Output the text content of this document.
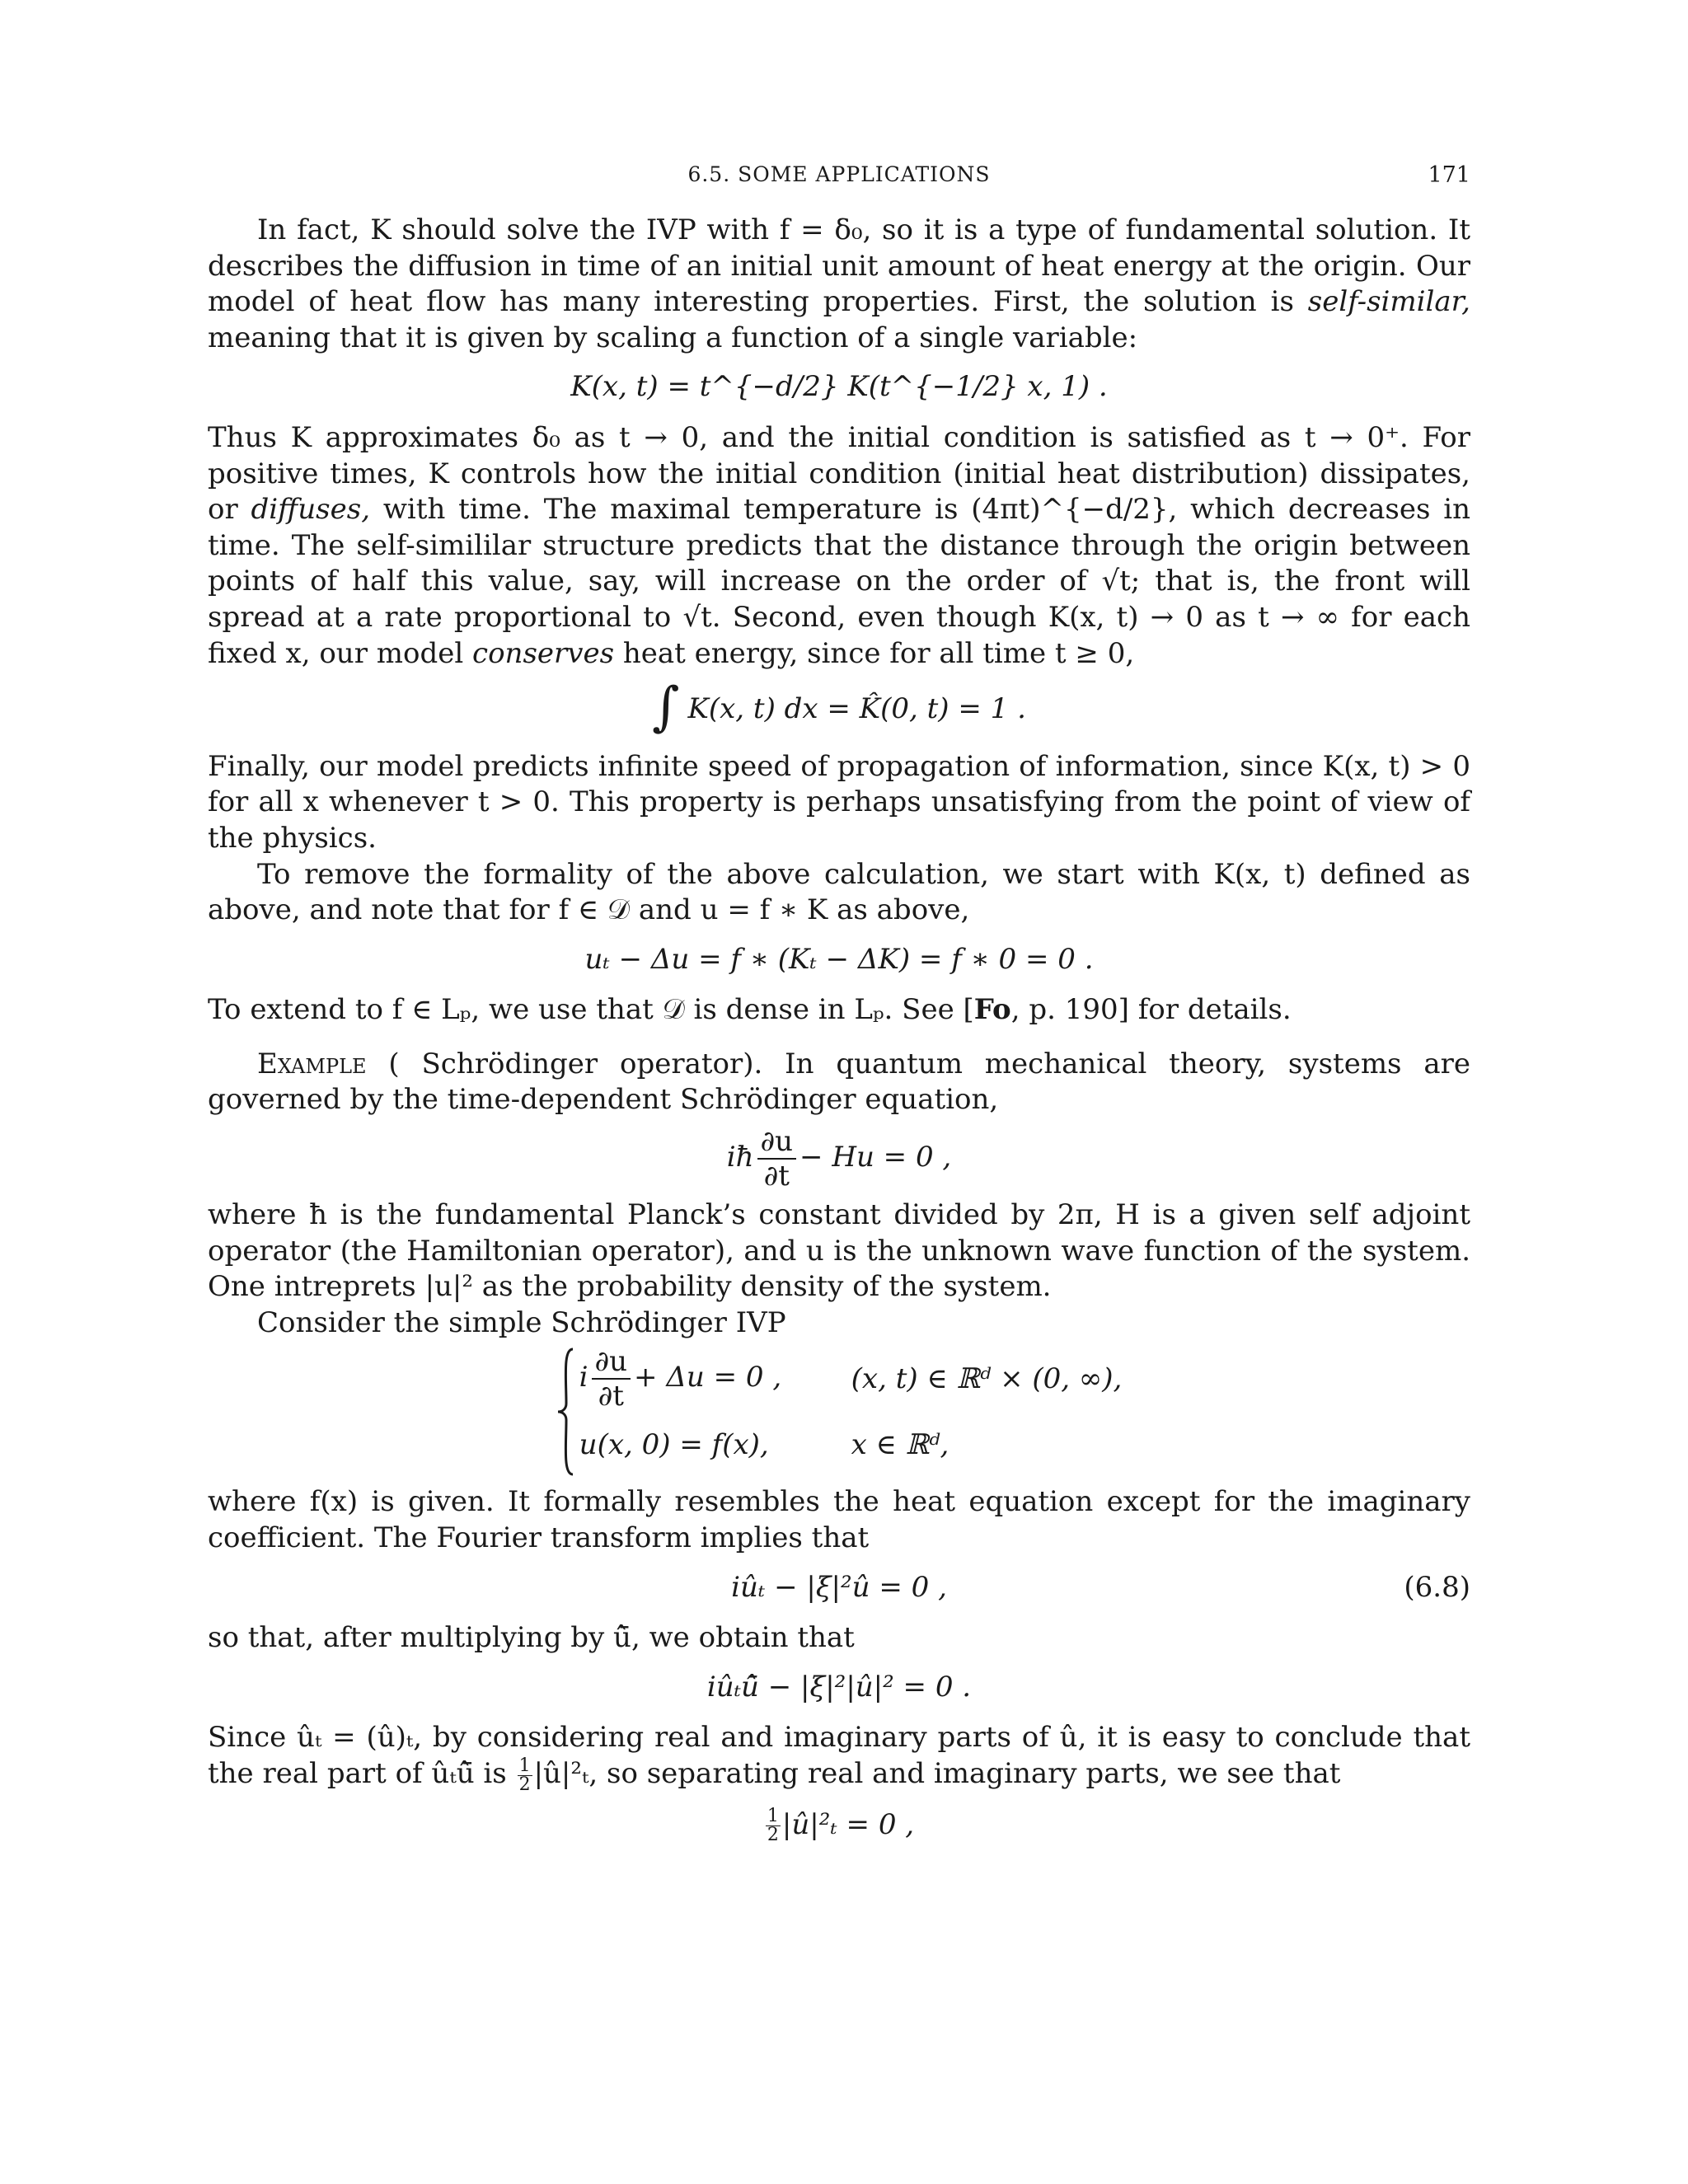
6.5. SOME APPLICATIONS	171

In fact, K should solve the IVP with f = δ₀, so it is a type of fundamental solution. It describes the diffusion in time of an initial unit amount of heat energy at the origin. Our model of heat flow has many interesting properties. First, the solution is self-similar, meaning that it is given by scaling a function of a single variable:

K(x, t) = t^{−d/2} K(t^{−1/2} x, 1) .

Thus K approximates δ₀ as t → 0, and the initial condition is satisfied as t → 0⁺. For positive times, K controls how the initial condition (initial heat distribution) dissipates, or diffuses, with time. The maximal temperature is (4πt)^{−d/2}, which decreases in time. The self-simililar structure predicts that the distance through the origin between points of half this value, say, will increase on the order of √t; that is, the front will spread at a rate proportional to √t. Second, even though K(x, t) → 0 as t → ∞ for each fixed x, our model conserves heat energy, since for all time t ≥ 0,

∫ K(x, t) dx = K̂(0, t) = 1 .

Finally, our model predicts infinite speed of propagation of information, since K(x, t) > 0 for all x whenever t > 0. This property is perhaps unsatisfying from the point of view of the physics.

To remove the formality of the above calculation, we start with K(x, t) defined as above, and note that for f ∈ 𝒟 and u = f ∗ K as above,

uₜ − Δu = f ∗ (Kₜ − ΔK) = f ∗ 0 = 0 .

To extend to f ∈ Lₚ, we use that 𝒟 is dense in Lₚ. See [Fo, p. 190] for details.

Example ( Schrödinger operator). In quantum mechanical theory, systems are governed by the time-dependent Schrödinger equation,

iħ $\frac{\partial u}{\partial t} - Hu = 0$ ,

where ħ is the fundamental Planck’s constant divided by 2π, H is a given self adjoint operator (the Hamiltonian operator), and u is the unknown wave function of the system. One intreprets |u|² as the probability density of the system.

Consider the simple Schrödinger IVP

i $\frac{\partial u}{\partial t} + \Delta u = 0$ ,	(x, t) ∈ ℝᵈ × (0, ∞),
u(x, 0) = f(x),	x ∈ ℝᵈ,

where f(x) is given. It formally resembles the heat equation except for the imaginary coefficient. The Fourier transform implies that

iûₜ − |ξ|²û = 0 ,	(6.8)

so that, after multiplying by û̄, we obtain that

iûₜû̄ − |ξ|²|û|² = 0 .

Since ûₜ = (û)ₜ, by considering real and imaginary parts of û, it is easy to conclude that the real part of ûₜû̄ is $\frac{1}{2}$ |û|²ₜ, so separating real and imaginary parts, we see that

$\frac{1}{2}$ |û|²ₜ = 0 ,
